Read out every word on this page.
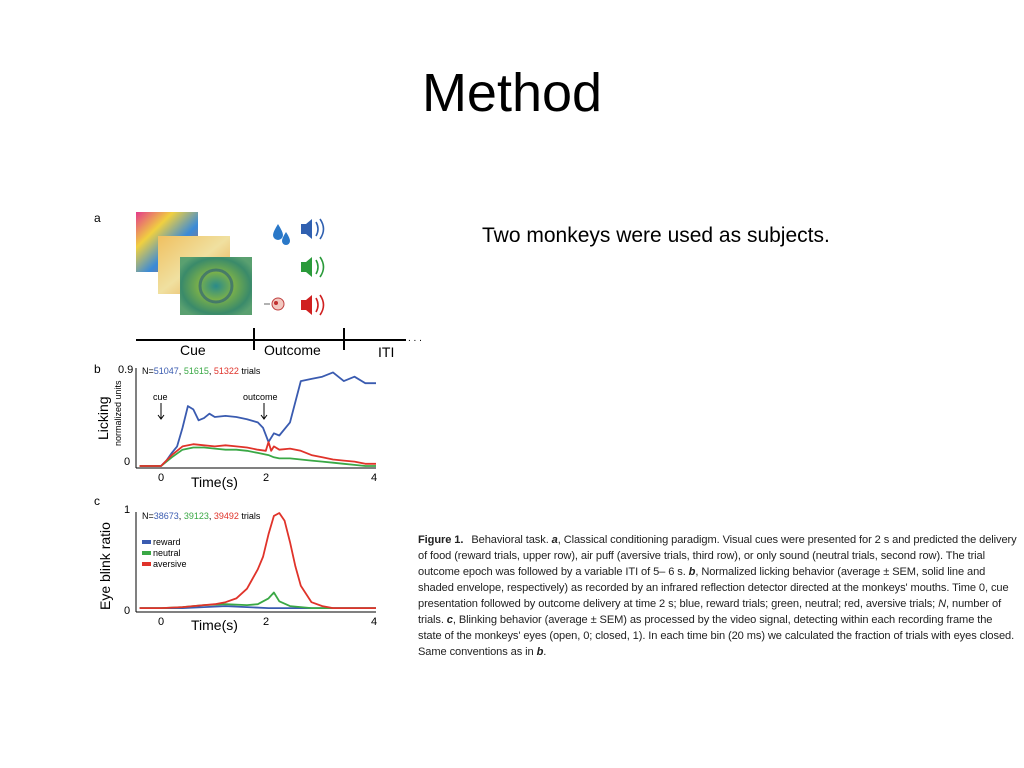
Method
Two monkeys were used as subjects.
a
Cue	Outcome	ITI
. . .
b 0.9
0
Licking normalized units
N=51047, 51615, 51322 trials
cue	outcome
0	2	4
Time(s)
c
1
0
Eye blink ratio
N=38673, 39123, 39492 trials
reward
neutral
aversive
0	2	4
Time(s)
Figure 1. Behavioral task. a, Classical conditioning paradigm. Visual cues were presented for 2 s and predicted the delivery of food (reward trials, upper row), air puff (aversive trials, third row), or only sound (neutral trials, second row). The trial outcome epoch was followed by a variable ITI of 5– 6 s. b, Normalized licking behavior (average ± SEM, solid line and shaded envelope, respectively) as recorded by an infrared reflection detector directed at the monkeys' mouths. Time 0, cue presentation followed by outcome delivery at time 2 s; blue, reward trials; green, neutral; red, aversive trials; N, number of trials. c, Blinking behavior (average ± SEM) as processed by the video signal, detecting within each recording frame the state of the monkeys' eyes (open, 0; closed, 1). In each time bin (20 ms) we calculated the fraction of trials with eyes closed. Same conventions as in b.
